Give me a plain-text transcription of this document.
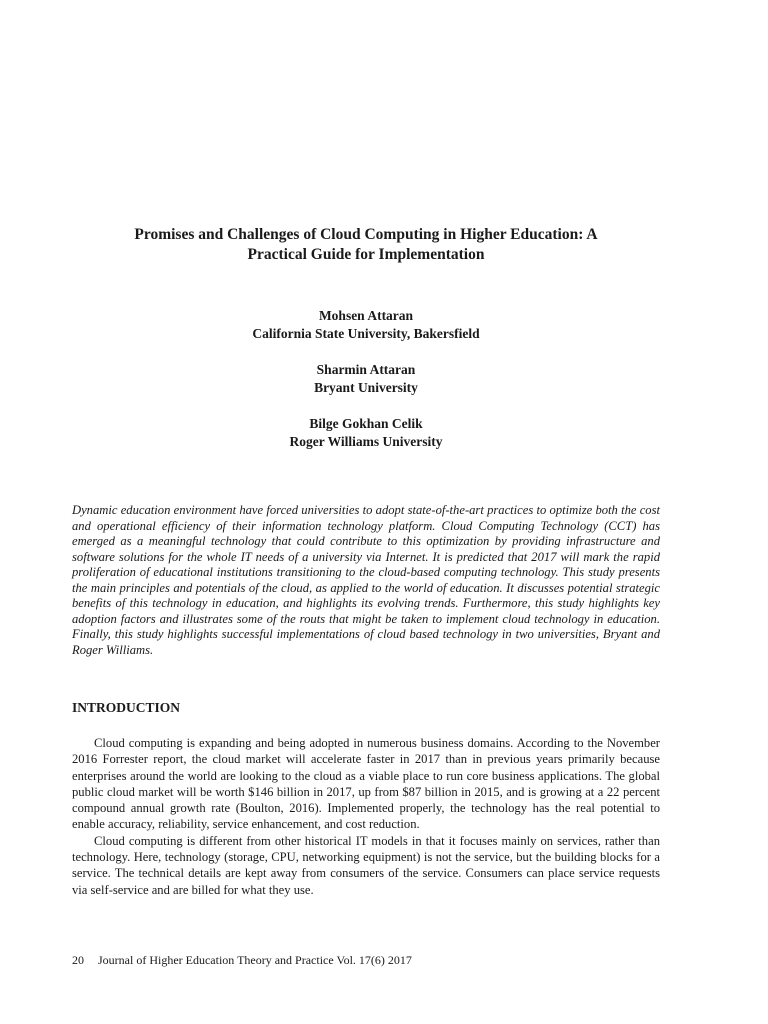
Promises and Challenges of Cloud Computing in Higher Education: A
Practical Guide for Implementation
Mohsen Attaran
California State University, Bakersfield
Sharmin Attaran
Bryant University
Bilge Gokhan Celik
Roger Williams University
Dynamic education environment have forced universities to adopt state-of-the-art practices to optimize both the cost and operational efficiency of their information technology platform. Cloud Computing Technology (CCT) has emerged as a meaningful technology that could contribute to this optimization by providing infrastructure and software solutions for the whole IT needs of a university via Internet. It is predicted that 2017 will mark the rapid proliferation of educational institutions transitioning to the cloud-based computing technology. This study presents the main principles and potentials of the cloud, as applied to the world of education. It discusses potential strategic benefits of this technology in education, and highlights its evolving trends. Furthermore, this study highlights key adoption factors and illustrates some of the routs that might be taken to implement cloud technology in education. Finally, this study highlights successful implementations of cloud based technology in two universities, Bryant and Roger Williams.
INTRODUCTION

Cloud computing is expanding and being adopted in numerous business domains. According to the November 2016 Forrester report, the cloud market will accelerate faster in 2017 than in previous years primarily because enterprises around the world are looking to the cloud as a viable place to run core business applications. The global public cloud market will be worth $146 billion in 2017, up from $87 billion in 2015, and is growing at a 22 percent compound annual growth rate (Boulton, 2016). Implemented properly, the technology has the real potential to enable accuracy, reliability, service enhancement, and cost reduction.

Cloud computing is different from other historical IT models in that it focuses mainly on services, rather than technology. Here, technology (storage, CPU, networking equipment) is not the service, but the building blocks for a service. The technical details are kept away from consumers of the service. Consumers can place service requests via self-service and are billed for what they use.

20 Journal of Higher Education Theory and Practice Vol. 17(6) 2017
